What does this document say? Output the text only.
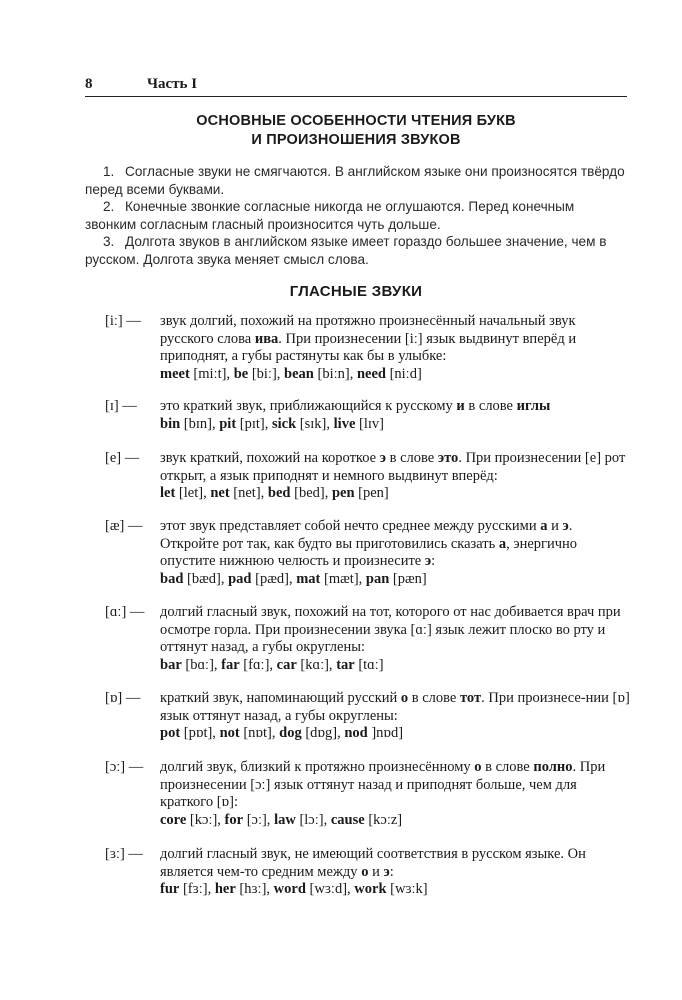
8	Часть I
ОСНОВНЫЕ ОСОБЕННОСТИ ЧТЕНИЯ БУКВ
И ПРОИЗНОШЕНИЯ ЗВУКОВ

1. Согласные звуки не смягчаются. В английском языке они произносятся твёрдо перед всеми буквами.

2. Конечные звонкие согласные никогда не оглушаются. Перед конечным звонким согласным гласный произносится чуть дольше.

3. Долгота звуков в английском языке имеет гораздо большее значение, чем в русском. Долгота звука меняет смысл слова.

ГЛАСНЫЕ ЗВУКИ
[iː] —	звук долгий, похожий на протяжно произнесённый начальный звук русского слова ива. При произнесении [iː] язык выдвинут вперёд и приподнят, а губы растянуты как бы в улыбке:
meet [miːt], be [biː], bean [biːn], need [niːd]
[ɪ] —	это краткий звук, приближающийся к русскому и в слове иглы
bin [bɪn], pit [pɪt], sick [sɪk], live [lɪv]
[e] —	звук краткий, похожий на короткое э в слове это. При произнесении [e] рот открыт, а язык приподнят и немного выдвинут вперёд:
let [let], net [net], bed [bed], pen [pen]
[æ] —	этот звук представляет собой нечто среднее между русскими а и э. Откройте рот так, как будто вы приготовились сказать а, энергично опустите нижнюю челюсть и произнесите э:
bad [bæd], pad [pæd], mat [mæt], pan [pæn]
[ɑː] —	долгий гласный звук, похожий на тот, которого от нас добивается врач при осмотре горла. При произнесении звука [ɑː] язык лежит плоско во рту и оттянут назад, а губы округлены:
bar [bɑː], far [fɑː], car [kɑː], tar [tɑː]
[ɒ] —	краткий звук, напоминающий русский о в слове тот. При произнесе-нии [ɒ] язык оттянут назад, а губы округлены:
pot [pɒt], not [nɒt], dog [dɒg], nod ]nɒd]
[ɔː] —	долгий звук, близкий к протяжно произнесённому о в слове полно. При произнесении [ɔː] язык оттянут назад и приподнят больше, чем для краткого [ɒ]:
core [kɔː], for [ɔː], law [lɔː], cause [kɔːz]
[ɜː] —	долгий гласный звук, не имеющий соответствия в русском языке. Он является чем-то средним между о и э:
fur [fɜː], her [hɜː], word [wɜːd], work [wɜːk]
